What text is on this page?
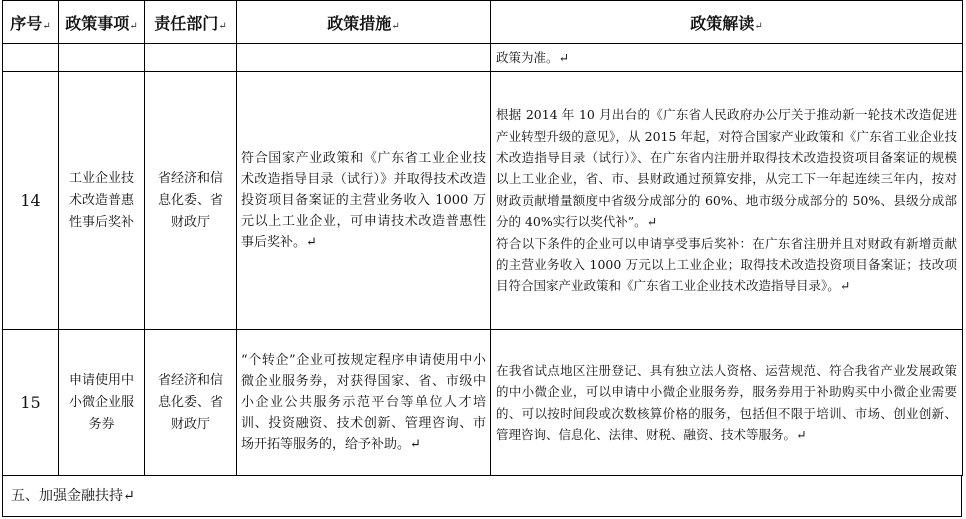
序号↵	政策事项↵	责任部门↵	政策措施↵	政策解读↵
				政策为准。↵
14	工业企业技术改造普惠性事后奖补	省经济和信息化委、省财政厅	符合国家产业政策和《广东省工业企业技术改造指导目录（试行）》并取得技术改造投资项目备案证的主营业务收入 1000 万元以上工业企业，可申请技术改造普惠性事后奖补。↵	根据 2014 年 10 月出台的《广东省人民政府办公厅关于推动新一轮技术改造促进产业转型升级的意见》，从 2015 年起，对符合国家产业政策和《广东省工业企业技术改造指导目录（试行）》、在广东省内注册并取得技术改造投资项目备案证的规模以上工业企业，省、市、县财政通过预算安排，从完工下一年起连续三年内，按对财政贡献增量额度中省级分成部分的 60%、地市级分成部分的 50%、县级分成部分的 40%实行以奖代补”。↵
符合以下条件的企业可以申请享受事后奖补：在广东省注册并且对财政有新增贡献的主营业务收入 1000 万元以上工业企业；取得技术改造投资项目备案证；技改项目符合国家产业政策和《广东省工业企业技术改造指导目录》。↵

15	申请使用中小微企业服务券	省经济和信息化委、省财政厅	“个转企”企业可按规定程序申请使用中小微企业服务券，对获得国家、省、市级中小企业公共服务示范平台等单位人才培训、投资融资、技术创新、管理咨询、市场开拓等服务的，给予补助。↵	在我省试点地区注册登记、具有独立法人资格、运营规范、符合我省产业发展政策的中小微企业，可以申请中小微企业服务券，服务券用于补助购买中小微企业需要的、可以按时间段或次数核算价格的服务，包括但不限于培训、市场、创业创新、管理咨询、信息化、法律、财税、融资、技术等服务。↵
五、加强金融扶持↵
